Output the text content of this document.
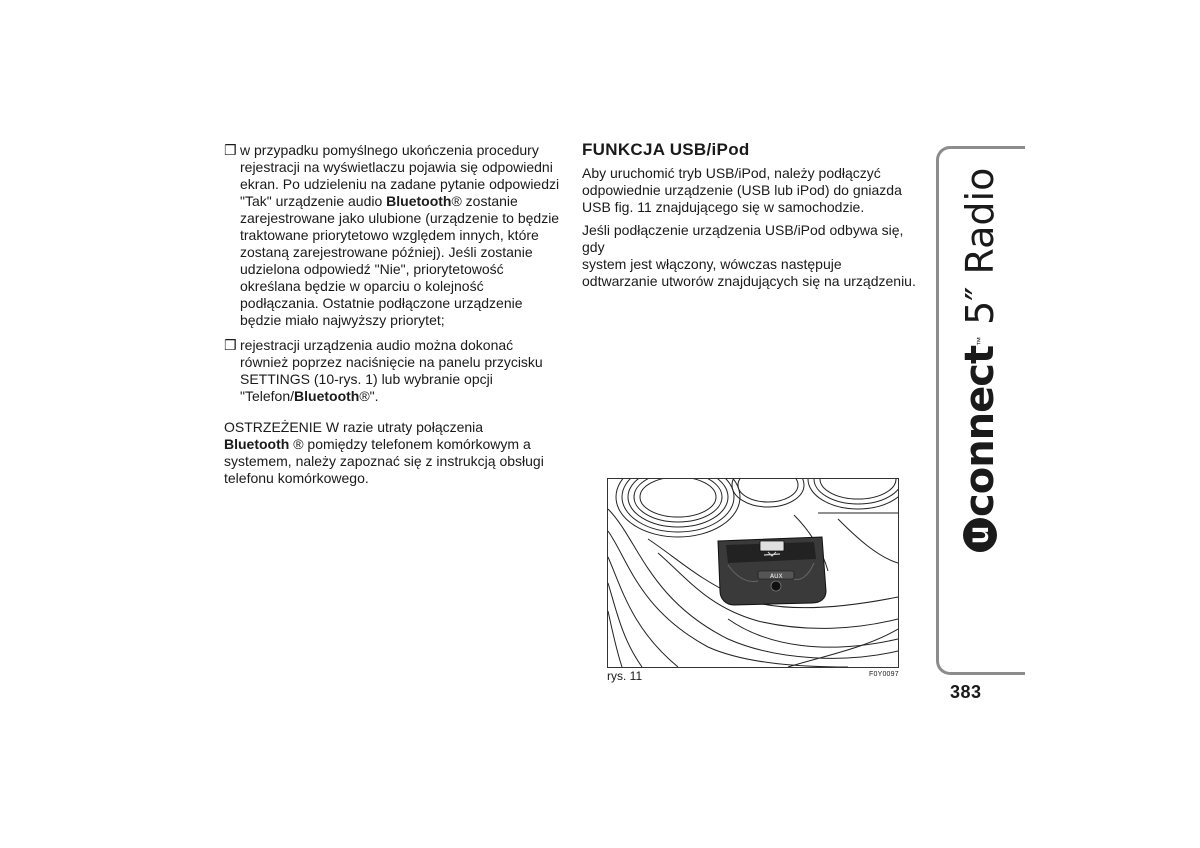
❒ w przypadku pomyślnego ukończenia procedury
rejestracji na wyświetlaczu pojawia się odpowiedni
ekran. Po udzieleniu na zadane pytanie odpowiedzi
"Tak" urządzenie audio Bluetooth® zostanie
zarejestrowane jako ulubione (urządzenie to będzie
traktowane priorytetowo względem innych, które
zostaną zarejestrowane później). Jeśli zostanie
udzielona odpowiedź "Nie", priorytetowość
określana będzie w oparciu o kolejność
podłączania. Ostatnie podłączone urządzenie
będzie miało najwyższy priorytet;
❒ rejestracji urządzenia audio można dokonać
również poprzez naciśnięcie na panelu przycisku
SETTINGS (10-rys. 1) lub wybranie opcji
"Telefon/Bluetooth®".
OSTRZEŻENIE W razie utraty połączenia
Bluetooth ® pomiędzy telefonem komórkowym a
systemem, należy zapoznać się z instrukcją obsługi
telefonu komórkowego.
FUNKCJA USB/iPod
Aby uruchomić tryb USB/iPod, należy podłączyć
odpowiednie urządzenie (USB lub iPod) do gniazda
USB fig. 11 znajdującego się w samochodzie.
Jeśli podłączenie urządzenia USB/iPod odbywa się, gdy
system jest włączony, wówczas następuje
odtwarzanie utworów znajdujących się na urządzeniu.
AUX
rys. 11	F0Y0097
u
connect
™
5″ Radio
383
